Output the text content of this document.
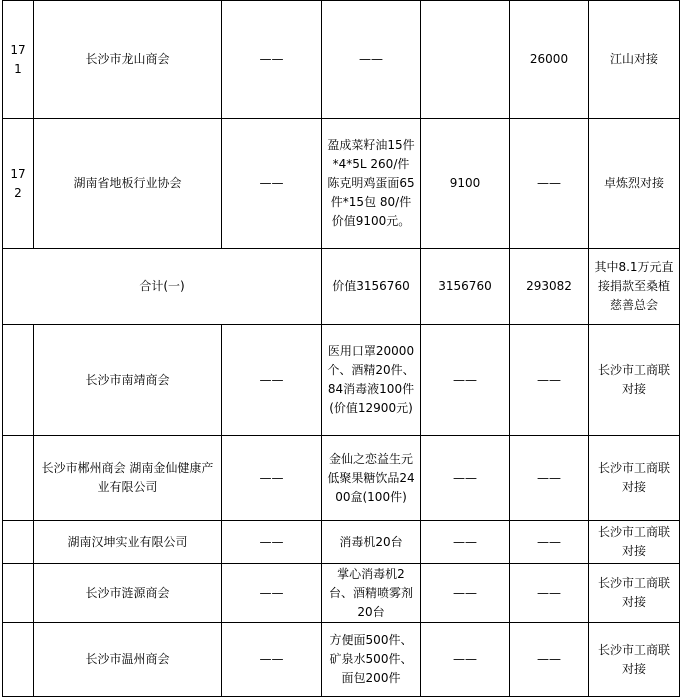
171	长沙市龙山商会	——	——		26000	江山对接
172	湖南省地板行业协会	——	盈成菜籽油15件*4*5L 260/件 陈克明鸡蛋面65件*15包 80/件 价值9100元。	9100	——	卓炼烈对接
合计(一)			价值3156760	3156760	293082	其中8.1万元直接捐款至桑植慈善总会
	长沙市南靖商会	——	医用口罩20000个、酒精20件、84消毒液100件(价值12900元)	——	——	长沙市工商联对接
	长沙市郴州商会 湖南金仙健康产业有限公司	——	金仙之恋益生元低聚果糖饮品2400盒(100件)	——	——	长沙市工商联对接
	湖南汉坤实业有限公司	——	消毒机20台	——	——	长沙市工商联对接
	长沙市涟源商会	——	掌心消毒机2台、酒精喷雾剂20台	——	——	长沙市工商联对接
	长沙市温州商会	——	方便面500件、矿泉水500件、面包200件	——	——	长沙市工商联对接
